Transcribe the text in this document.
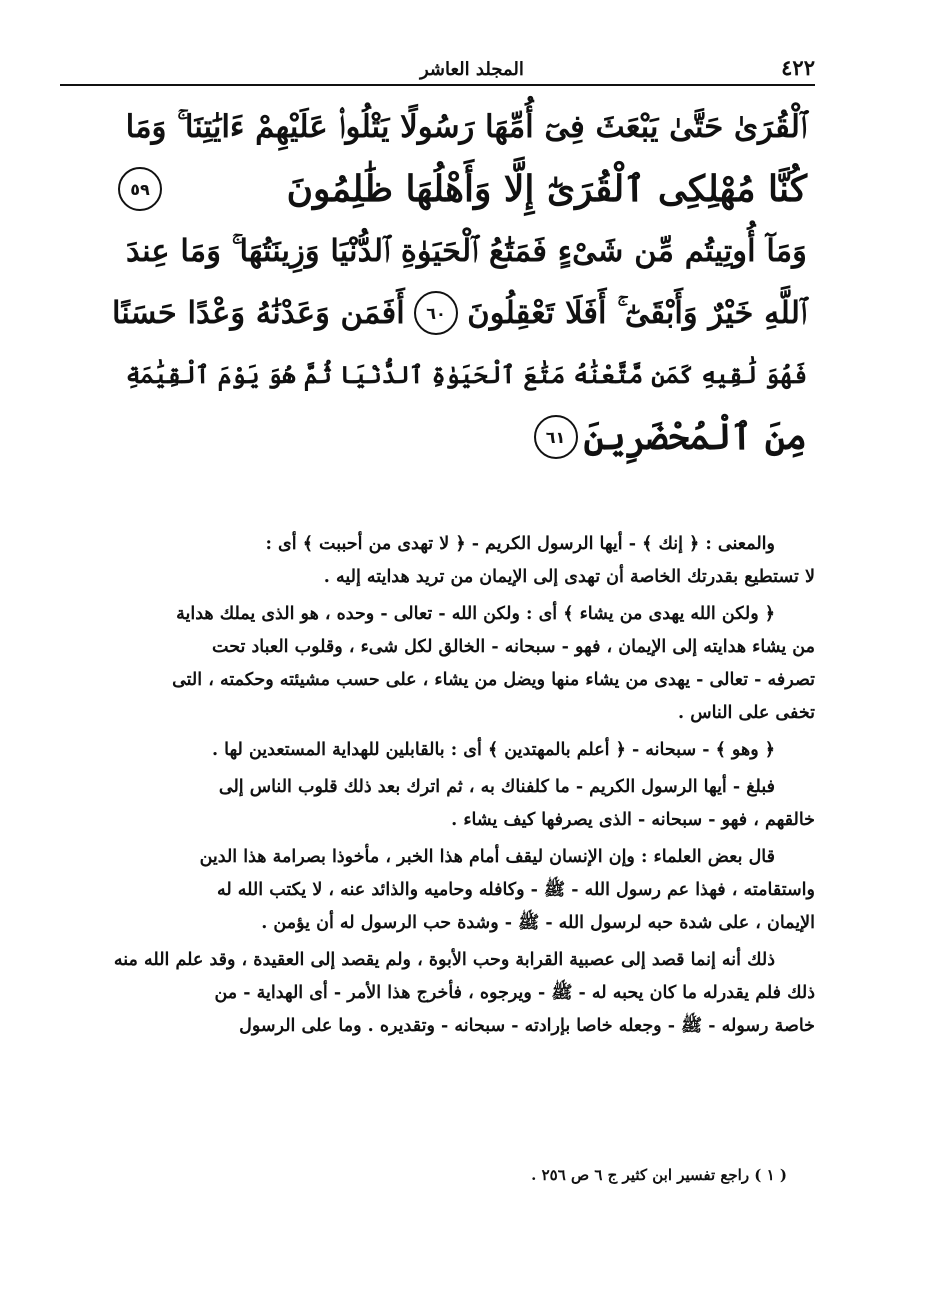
٤٢٢
المجلد العاشر
ٱلْقُرَىٰ حَتَّىٰ يَبْعَثَ فِىٓ أُمِّهَا رَسُولًا يَتْلُوا۟ عَلَيْهِمْ ءَايَٰتِنَا ۚ وَمَا
كُنَّا مُهْلِكِى ٱلْقُرَىٰٓ إِلَّا وَأَهْلُهَا ظَٰلِمُونَ
٥٩
وَمَآ أُوتِيتُم مِّن شَىْءٍ فَمَتَٰعُ ٱلْحَيَوٰةِ ٱلدُّنْيَا وَزِينَتُهَا ۚ وَمَا عِندَ
ٱللَّهِ خَيْرٌ وَأَبْقَىٰٓ ۚ أَفَلَا تَعْقِلُونَ
٦٠
أَفَمَن وَعَدْنَٰهُ وَعْدًا حَسَنًا
فَهُوَ لَٰقِيهِ كَمَن مَّتَّعْنَٰهُ مَتَٰعَ ٱلْحَيَوٰةِ ٱلدُّنْيَا ثُمَّ هُوَ يَوْمَ ٱلْقِيَٰمَةِ
مِنَ ٱلْمُحْضَرِينَ
٦١
والمعنى : ﴿ إنك ﴾ - أيها الرسول الكريم - ﴿ لا تهدى من أحببت ﴾ أى :
لا تستطيع بقدرتك الخاصة أن تهدى إلى الإيمان من تريد هدايته إليه .
﴿ ولكن الله يهدى من يشاء ﴾ أى : ولكن الله - تعالى - وحده ، هو الذى يملك هداية
من يشاء هدايته إلى الإيمان ، فهو - سبحانه - الخالق لكل شىء ، وقلوب العباد تحت
تصرفه - تعالى - يهدى من يشاء منها ويضل من يشاء ، على حسب مشيئته وحكمته ، التى
تخفى على الناس .
﴿ وهو ﴾ - سبحانه - ﴿ أعلم بالمهتدين ﴾ أى : بالقابلين للهداية المستعدين لها .
فبلغ - أيها الرسول الكريم - ما كلفناك به ، ثم اترك بعد ذلك قلوب الناس إلى
خالقهم ، فهو - سبحانه - الذى يصرفها كيف يشاء .
قال بعض العلماء : وإن الإنسان ليقف أمام هذا الخبر ، مأخوذا بصرامة هذا الدين
واستقامته ، فهذا عم رسول الله - ﷺ - وكافله وحاميه والذائد عنه ، لا يكتب الله له
الإيمان ، على شدة حبه لرسول الله - ﷺ - وشدة حب الرسول له أن يؤمن .
ذلك أنه إنما قصد إلى عصبية القرابة وحب الأبوة ، ولم يقصد إلى العقيدة ، وقد علم الله منه
ذلك فلم يقدرله ما كان يحبه له - ﷺ - ويرجوه ، فأخرج هذا الأمر - أى الهداية - من
خاصة رسوله - ﷺ - وجعله خاصا بإرادته - سبحانه - وتقديره . وما على الرسول
( ١ ) راجع تفسير ابن كثير ج ٦ ص ٢٥٦ .
